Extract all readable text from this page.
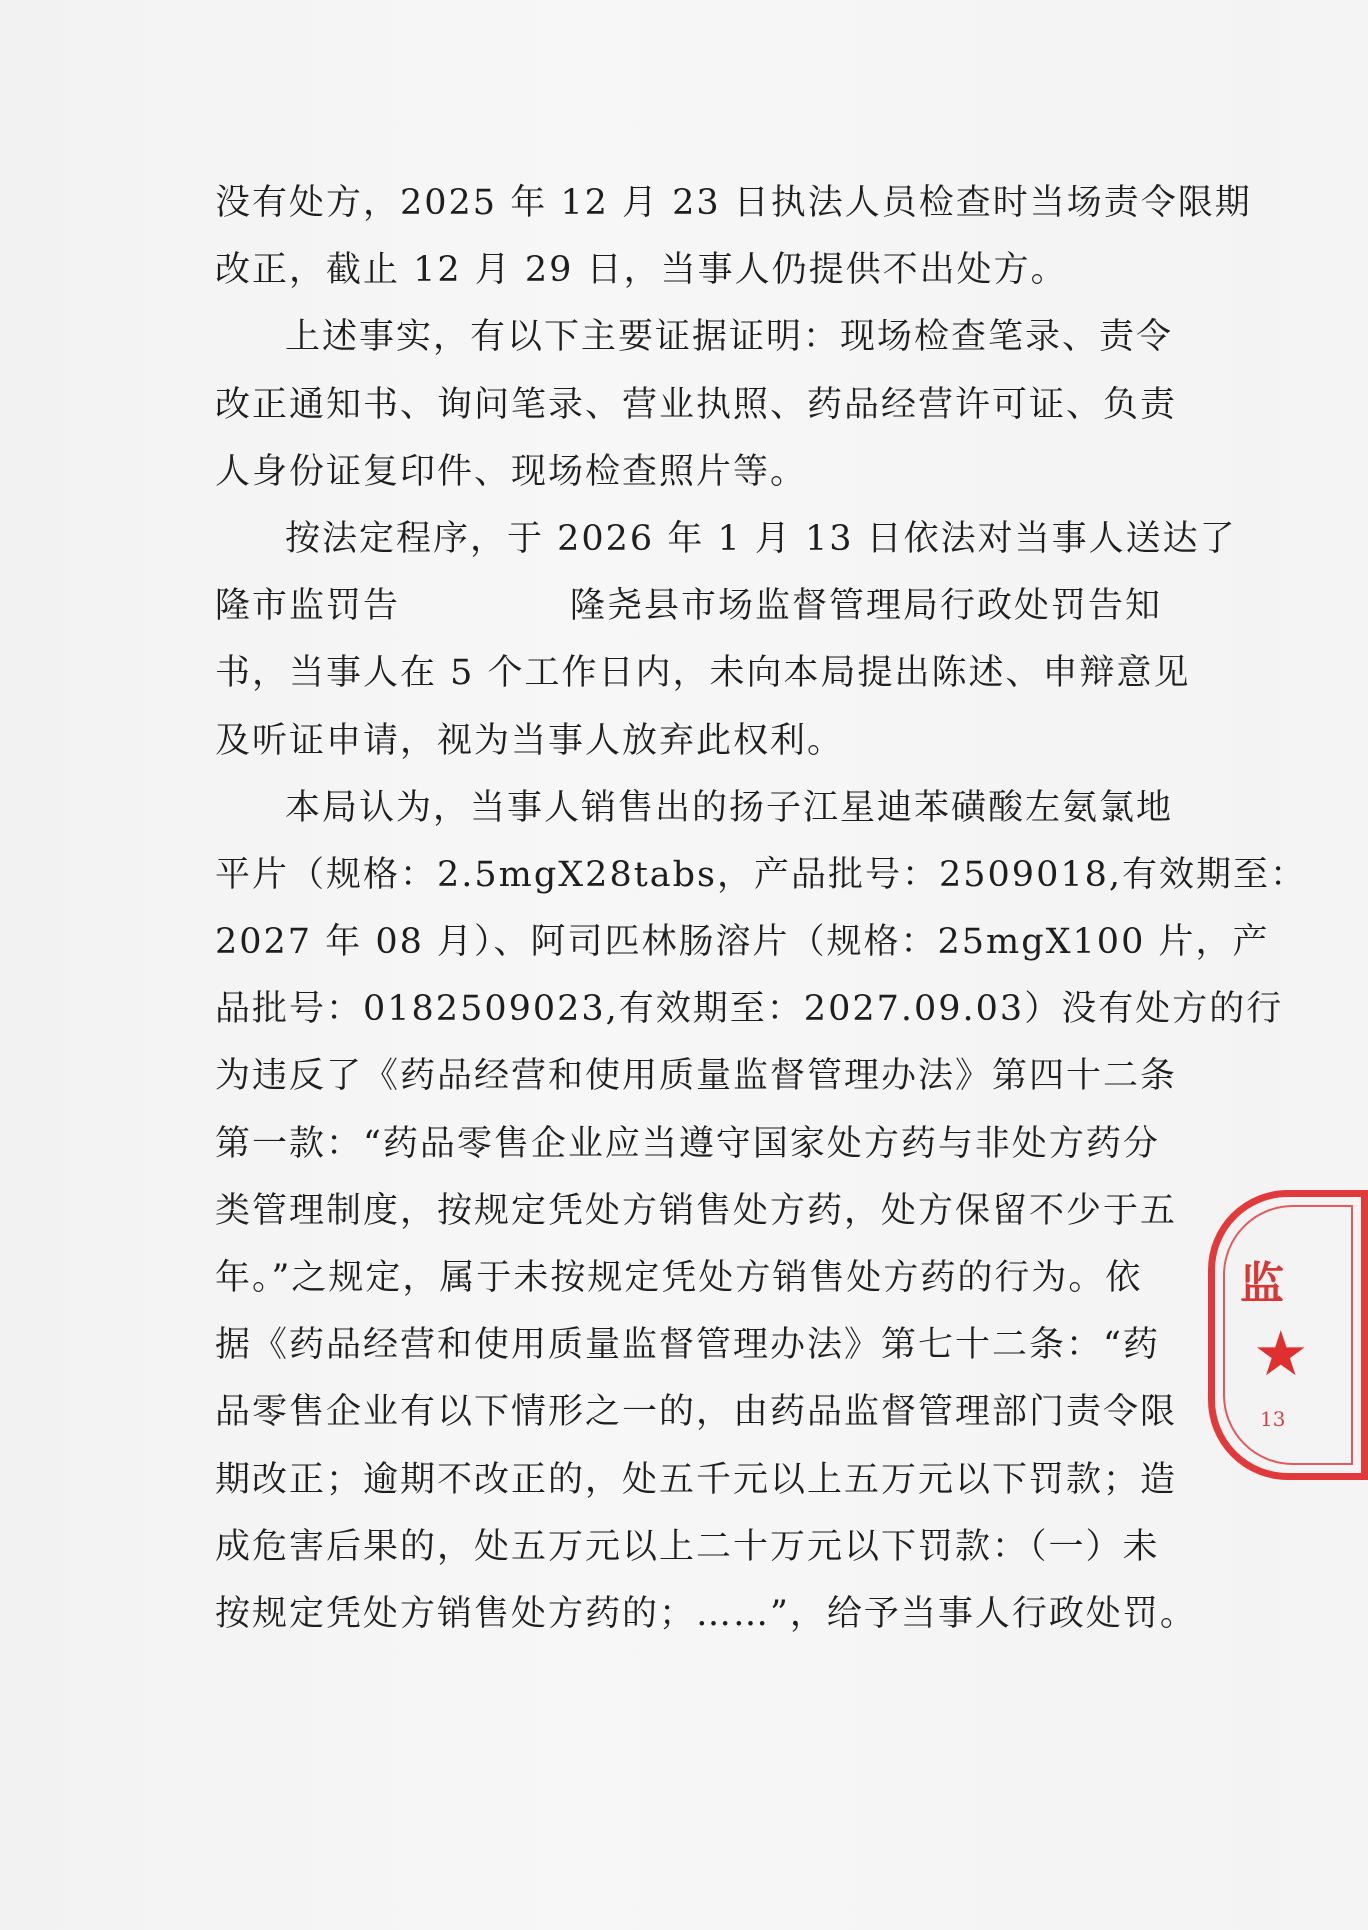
没有处方，2025 年 12 月 23 日执法人员检查时当场责令限期
改正，截止 12 月 29 日，当事人仍提供不出处方。
上述事实，有以下主要证据证明：现场检查笔录、责令
改正通知书、询问笔录、营业执照、药品经营许可证、负责
人身份证复印件、现场检查照片等。
按法定程序，于 2026 年 1 月 13 日依法对当事人送达了
隆市监罚告	隆尧县市场监督管理局行政处罚告知
书，当事人在 5 个工作日内，未向本局提出陈述、申辩意见
及听证申请，视为当事人放弃此权利。
本局认为，当事人销售出的扬子江星迪苯磺酸左氨氯地
平片（规格：2.5mgX28tabs，产品批号：2509018,有效期至：
2027 年 08 月）、阿司匹林肠溶片（规格：25mgX100 片，产
品批号：0182509023,有效期至：2027.09.03）没有处方的行
为违反了《药品经营和使用质量监督管理办法》第四十二条
第一款：“药品零售企业应当遵守国家处方药与非处方药分
类管理制度，按规定凭处方销售处方药，处方保留不少于五
年。”之规定，属于未按规定凭处方销售处方药的行为。依
据《药品经营和使用质量监督管理办法》第七十二条：“药
品零售企业有以下情形之一的，由药品监督管理部门责令限
期改正；逾期不改正的，处五千元以上五万元以下罚款；造
成危害后果的，处五万元以上二十万元以下罚款：（一）未
按规定凭处方销售处方药的；……”，给予当事人行政处罚。
监
★
13
